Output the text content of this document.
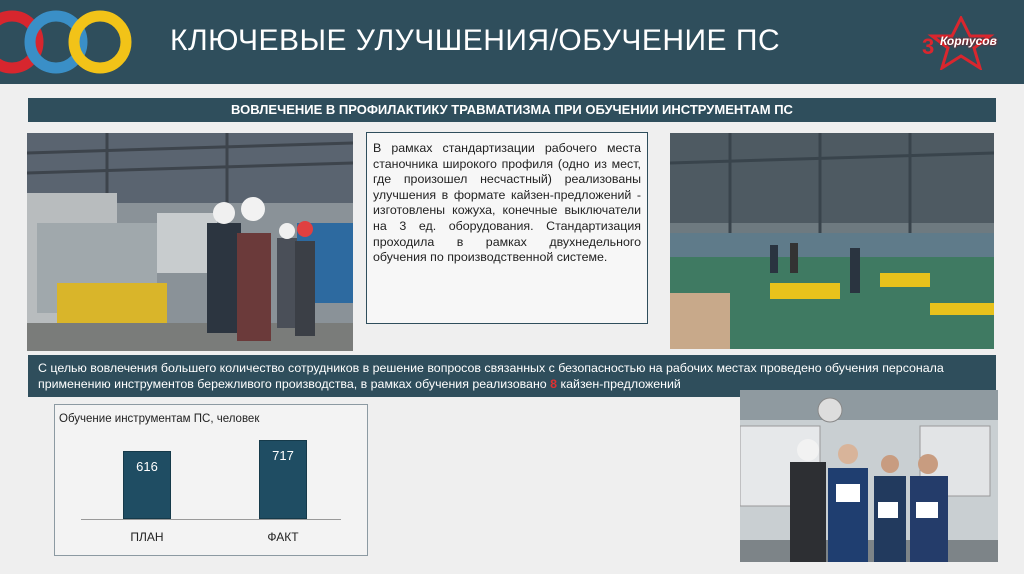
КЛЮЧЕВЫЕ УЛУЧШЕНИЯ/ОБУЧЕНИЕ ПС	3 Корпусов
ВОВЛЕЧЕНИЕ В ПРОФИЛАКТИКУ ТРАВМАТИЗМА ПРИ ОБУЧЕНИИ ИНСТРУМЕНТАМ ПС
В рамках стандартизации рабочего места станочника широкого профиля (одно из мест, где произошел несчастный) реализованы улучшения в формате кайзен-предложений - изготовлены кожуха, конечные выключатели на 3 ед. оборудования. Стандартизация проходила в рамках двухнедельного обучения по производственной системе.
С целью вовлечения большего количество сотрудников в решение вопросов связанных с безопасностью на рабочих местах проведено обучения персонала применению инструментов бережливого производства, в рамках обучения реализовано 8 кайзен-предложений
Обучение инструментам ПС, человек
616
717
ПЛАН	ФАКТ
